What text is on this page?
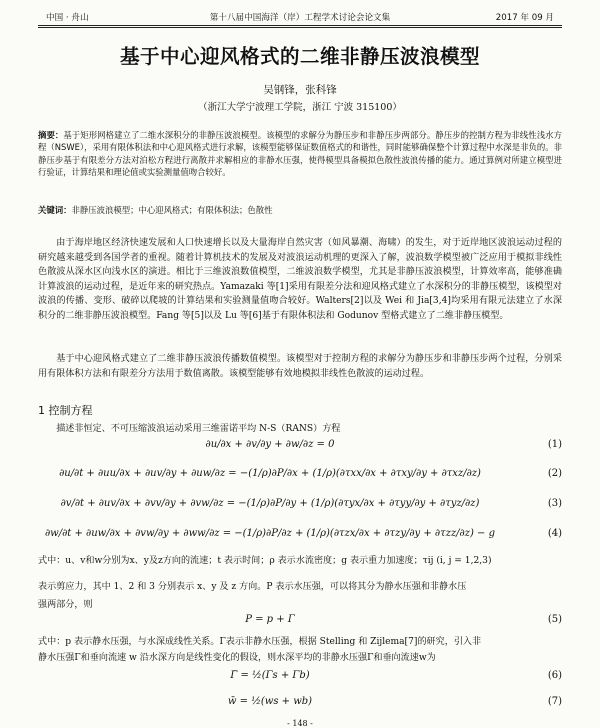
中国 · 舟山	第十八届中国海洋（岸）工程学术讨论会论文集	2017 年 09 月
基于中心迎风格式的二维非静压波浪模型
吴钢锋，张科锋
（浙江大学宁波理工学院，浙江 宁波 315100）
摘要：基于矩形网格建立了二维水深积分的非静压波浪模型。该模型的求解分为静压步和非静压步两部分。静压步的控制方程为非线性浅水方程（NSWE），采用有限体积法和中心迎风格式进行求解，该模型能够保证数值格式的和谐性，同时能够确保整个计算过程中水深是非负的。非静压步基于有限差分方法对泊松方程进行离散并求解相应的非静水压强，使得模型具备模拟色散性波浪传播的能力。通过算例对所建立模型进行验证，计算结果和理论值或实验测量值吻合较好。
关键词：非静压波浪模型；中心迎风格式；有限体积法；色散性
由于海岸地区经济快速发展和人口快速增长以及大量海岸自然灾害（如风暴潮、海啸）的发生，对于近岸地区波浪运动过程的研究越来越受到各国学者的重视。随着计算机技术的发展及对波浪运动机理的更深入了解，波浪数学模型被广泛应用于模拟非线性色散波从深水区向浅水区的演进。相比于三维波浪数值模型，二维波浪数学模型，尤其是非静压波浪模型，计算效率高，能够准确计算波浪的运动过程，是近年来的研究热点。Yamazaki 等[1]采用有限差分法和迎风格式建立了水深积分的非静压模型，该模型对波浪的传播、变形、破碎以爬坡的计算结果和实验测量值吻合较好。Walters[2]以及 Wei 和 Jia[3,4]均采用有限元法建立了水深积分的二维非静压波浪模型。Fang 等[5]以及 Lu 等[6]基于有限体积法和 Godunov 型格式建立了二维非静压模型。
基于中心迎风格式建立了二维非静压波浪传播数值模型。该模型对于控制方程的求解分为静压步和非静压步两个过程，分别采用有限体积方法和有限差分方法用于数值离散。该模型能够有效地模拟非线性色散波的运动过程。
1 控制方程
描述非恒定、不可压缩波浪运动采用三维雷诺平均 N-S（RANS）方程
∂u/∂x + ∂v/∂y + ∂w/∂z = 0	(1)
∂u/∂t + ∂uu/∂x + ∂uv/∂y + ∂uw/∂z = −(1/ρ)∂P/∂x + (1/ρ)(∂τxx/∂x + ∂τxy/∂y + ∂τxz/∂z)	(2)
∂v/∂t + ∂uv/∂x + ∂vv/∂y + ∂vw/∂z = −(1/ρ)∂P/∂y + (1/ρ)(∂τyx/∂x + ∂τyy/∂y + ∂τyz/∂z)	(3)
∂w/∂t + ∂uw/∂x + ∂vw/∂y + ∂ww/∂z = −(1/ρ)∂P/∂z + (1/ρ)(∂τzx/∂x + ∂τzy/∂y + ∂τzz/∂z) − g	(4)
式中：u、v和w分别为x、y及z方向的流速；t 表示时间；ρ 表示水流密度；g 表示重力加速度；τij (i, j = 1,2,3)
表示剪应力，其中 1、2 和 3 分别表示 x、y 及 z 方向。P 表示水压强，可以将其分为静水压强和非静水压
强两部分，则
P = p + Γ	(5)
式中：p 表示静水压强，与水深成线性关系。Γ表示非静水压强，根据 Stelling 和 Zijlema[7]的研究，引入非
静水压强Γ和垂向流速 w 沿水深方向是线性变化的假设，则水深平均的非静水压强Γ和垂向流速w为
Γ̄ = ½(Γs + Γb)	(6)
w̄ = ½(ws + wb)	(7)
- 148 -
